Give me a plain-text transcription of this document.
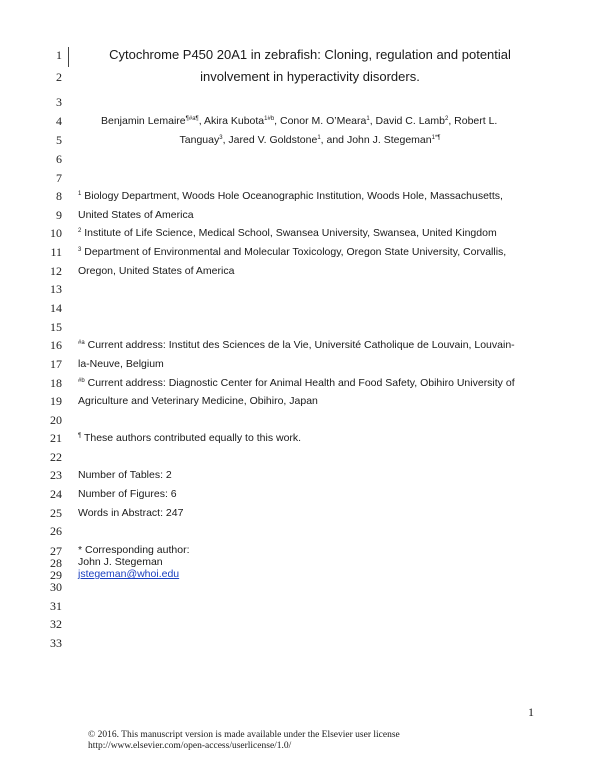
1
2
3
4
5
6
7
8
9
10
11
12
13
14
15
16
17
18
19
20
21
22
23
24
25
26
27
28
29
30
31
32
33
Cytochrome P450 20A1 in zebrafish: Cloning, regulation and potential
involvement in hyperactivity disorders.
Benjamin Lemaire$^{\P\#a\P}$, Akira Kubota$^{1\#b}$, Conor M. O’Meara$^1$, David C. Lamb$^2$, Robert L.
Tanguay$^3$, Jared V. Goldstone$^1$, and John J. Stegeman$^{1*\P}$
$^1$ Biology Department, Woods Hole Oceanographic Institution, Woods Hole, Massachusetts,
United States of America
$^2$ Institute of Life Science, Medical School, Swansea University, Swansea, United Kingdom
$^3$ Department of Environmental and Molecular Toxicology, Oregon State University, Corvallis,
Oregon, United States of America
$^{\#a}$ Current address: Institut des Sciences de la Vie, Université Catholique de Louvain, Louvain-
la-Neuve, Belgium
$^{\#b}$ Current address: Diagnostic Center for Animal Health and Food Safety, Obihiro University of
Agriculture and Veterinary Medicine, Obihiro, Japan
¶ These authors contributed equally to this work.
Number of Tables: 2
Number of Figures: 6
Words in Abstract: 247
* Corresponding author:
John J. Stegeman
jstegeman@whoi.edu
1
© 2016. This manuscript version is made available under the Elsevier user license
http://www.elsevier.com/open-access/userlicense/1.0/
